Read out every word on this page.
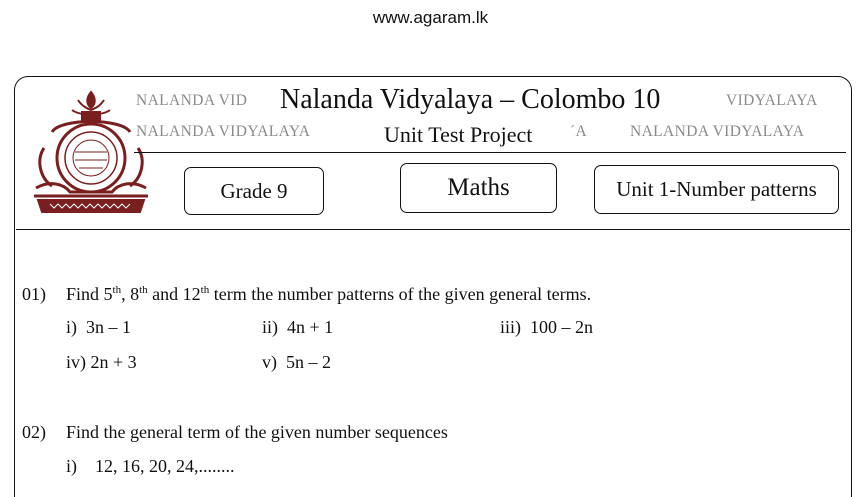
www.agaram.lk
NALANDA VID	VIDYALAYA
NALANDA VIDYALAYA	´A	NALANDA VIDYALAYA
Nalanda Vidyalaya – Colombo 10
Unit Test Project
Grade 9	Maths	Unit 1-Number patterns
01) Find 5th, 8th and 12th term the number patterns of the given general terms.
i) 3n – 1	ii) 4n + 1	iii) 100 – 2n
iv) 2n + 3	v) 5n – 2
02) Find the general term of the given number sequences
i) 12, 16, 20, 24,........
